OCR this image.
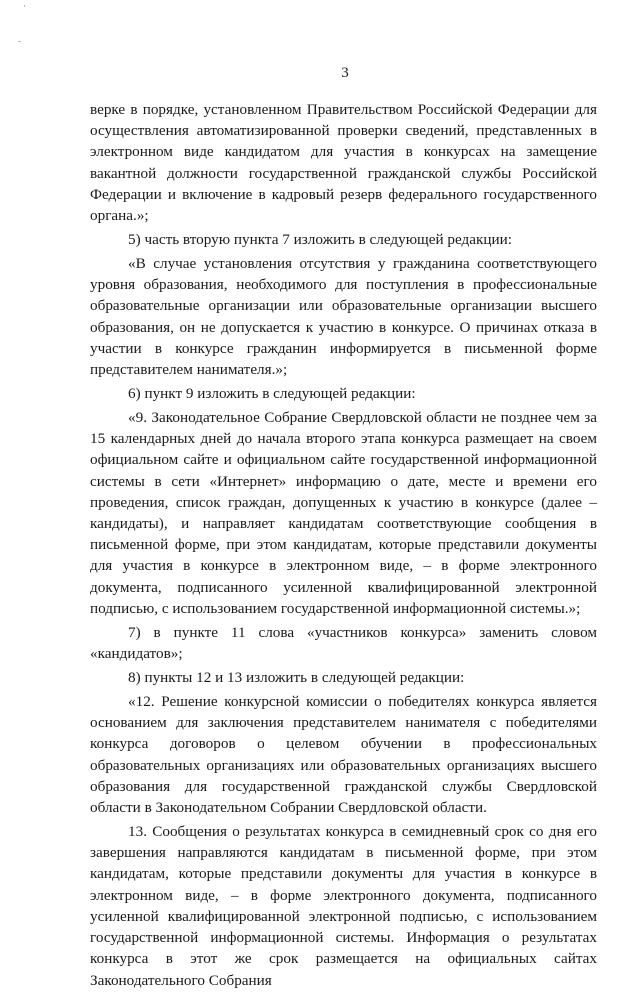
3

верке в порядке, установленном Правительством Российской Федерации для осуществления автоматизированной проверки сведений, представленных в электронном виде кандидатом для участия в конкурсах на замещение вакантной должности государственной гражданской службы Российской Федерации и включение в кадровый резерв федерального государственного органа.»;

5) часть вторую пункта 7 изложить в следующей редакции:

«В случае установления отсутствия у гражданина соответствующего уровня образования, необходимого для поступления в профессиональные образовательные организации или образовательные организации высшего образования, он не допускается к участию в конкурсе. О причинах отказа в участии в конкурсе гражданин информируется в письменной форме представителем нанимателя.»;

6) пункт 9 изложить в следующей редакции:

«9. Законодательное Собрание Свердловской области не позднее чем за 15 календарных дней до начала второго этапа конкурса размещает на своем официальном сайте и официальном сайте государственной информационной системы в сети «Интернет» информацию о дате, месте и времени его проведения, список граждан, допущенных к участию в конкурсе (далее – кандидаты), и направляет кандидатам соответствующие сообщения в письменной форме, при этом кандидатам, которые представили документы для участия в конкурсе в электронном виде, – в форме электронного документа, подписанного усиленной квалифицированной электронной подписью, с использованием государственной информационной системы.»;

7) в пункте 11 слова «участников конкурса» заменить словом «кандидатов»;

8) пункты 12 и 13 изложить в следующей редакции:

«12. Решение конкурсной комиссии о победителях конкурса является основанием для заключения представителем нанимателя с победителями конкурса договоров о целевом обучении в профессиональных образовательных организациях или образовательных организациях высшего образования для государственной гражданской службы Свердловской области в Законодательном Собрании Свердловской области.

13. Сообщения о результатах конкурса в семидневный срок со дня его завершения направляются кандидатам в письменной форме, при этом кандидатам, которые представили документы для участия в конкурсе в электронном виде, – в форме электронного документа, подписанного усиленной квалифицированной электронной подписью, с использованием государственной информационной системы. Информация о результатах конкурса в этот же срок размещается на официальных сайтах Законодательного Собрания
